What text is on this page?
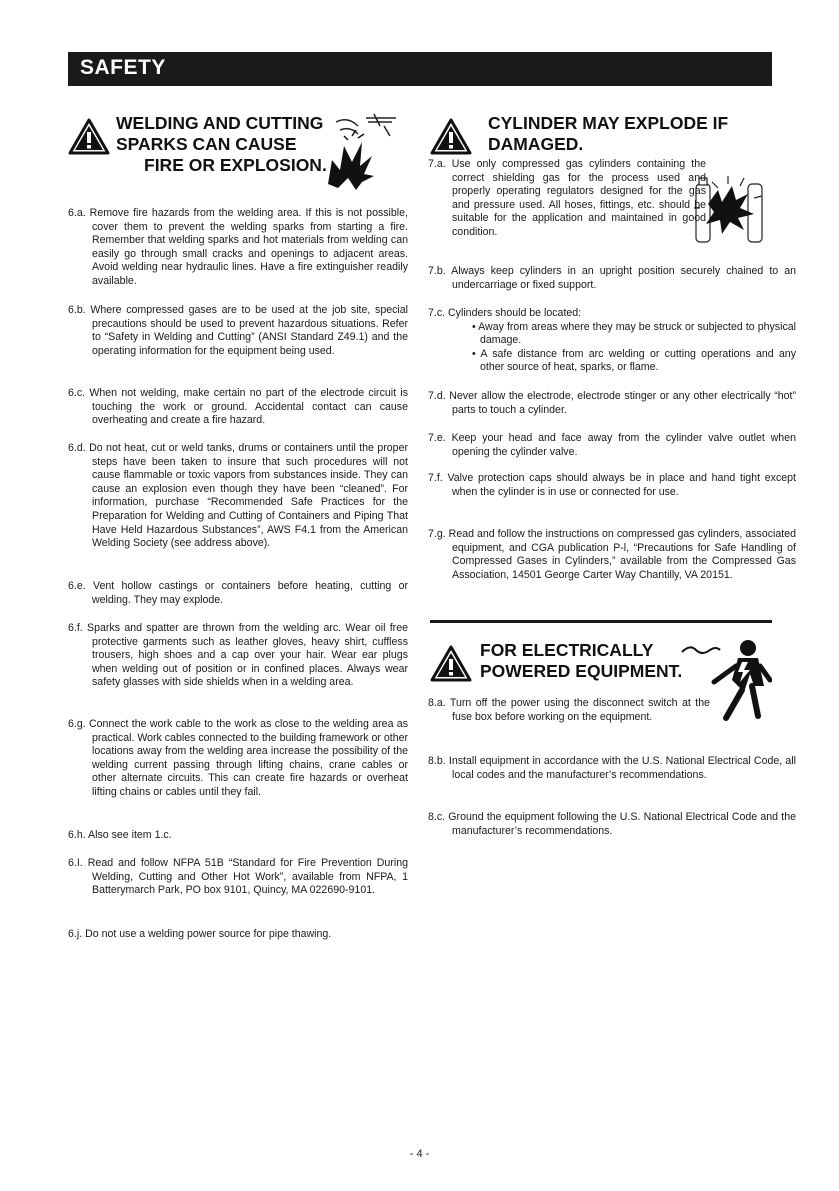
SAFETY
WELDING AND CUTTING
SPARKS CAN CAUSE
FIRE OR EXPLOSION.

6.a. Remove fire hazards from the welding area. If this is not possible, cover them to prevent the welding sparks from starting a fire. Remember that welding sparks and hot materials from welding can easily go through small cracks and openings to adjacent areas. Avoid welding near hydraulic lines. Have a fire extinguisher readily available.

6.b. Where compressed gases are to be used at the job site, special precautions should be used to prevent hazardous situations. Refer to “Safety in Welding and Cutting” (ANSI Standard Z49.1) and the operating information for the equipment being used.

6.c. When not welding, make certain no part of the electrode circuit is touching the work or ground. Accidental contact can cause overheating and create a fire hazard.

6.d. Do not heat, cut or weld tanks, drums or containers until the proper steps have been taken to insure that such procedures will not cause flammable or toxic vapors from substances inside. They can cause an explosion even though they have been “cleaned”. For information, purchase “Recommended Safe Practices for the Preparation for Welding and Cutting of Containers and Piping That Have Held Hazardous Substances”, AWS F4.1 from the American Welding Society (see address above).

6.e. Vent hollow castings or containers before heating, cutting or welding. They may explode.

6.f. Sparks and spatter are thrown from the welding arc. Wear oil free protective garments such as leather gloves, heavy shirt, cuffless trousers, high shoes and a cap over your hair. Wear ear plugs when welding out of position or in confined places. Always wear safety glasses with side shields when in a welding area.

6.g. Connect the work cable to the work as close to the welding area as practical. Work cables connected to the building framework or other locations away from the welding area increase the possibility of the welding current passing through lifting chains, crane cables or other alternate circuits. This can create fire hazards or overheat lifting chains or cables until they fail.

6.h. Also see item 1.c.

6.I. Read and follow NFPA 51B “Standard for Fire Prevention During Welding, Cutting and Other Hot Work”, available from NFPA, 1 Batterymarch Park, PO box 9101, Quincy, MA 022690-9101.

6.j. Do not use a welding power source for pipe thawing.

CYLINDER MAY EXPLODE IF
DAMAGED.

7.a. Use only compressed gas cylinders containing the correct shielding gas for the process used and properly operating regulators designed for the gas and pressure used. All hoses, fittings, etc. should be suitable for the application and maintained in good condition.

7.b. Always keep cylinders in an upright position securely chained to an undercarriage or fixed support.

7.c. Cylinders should be located:
• Away from areas where they may be struck or subjected to physical damage.
• A safe distance from arc welding or cutting operations and any other source of heat, sparks, or flame.

7.d. Never allow the electrode, electrode stinger or any other electrically “hot” parts to touch a cylinder.

7.e. Keep your head and face away from the cylinder valve outlet when opening the cylinder valve.

7.f. Valve protection caps should always be in place and hand tight except when the cylinder is in use or connected for use.

7.g. Read and follow the instructions on compressed gas cylinders, associated equipment, and CGA publication P-l, “Precautions for Safe Handling of Compressed Gases in Cylinders,” available from the Compressed Gas Association, 14501 George Carter Way Chantilly, VA 20151.

FOR ELECTRICALLY
POWERED EQUIPMENT.

8.a. Turn off the power using the disconnect switch at the fuse box before working on the equipment.

8.b. Install equipment in accordance with the U.S. National Electrical Code, all local codes and the manufacturer’s recommendations.

8.c. Ground the equipment following the U.S. National Electrical Code and the manufacturer’s recommendations.

- 4 -
